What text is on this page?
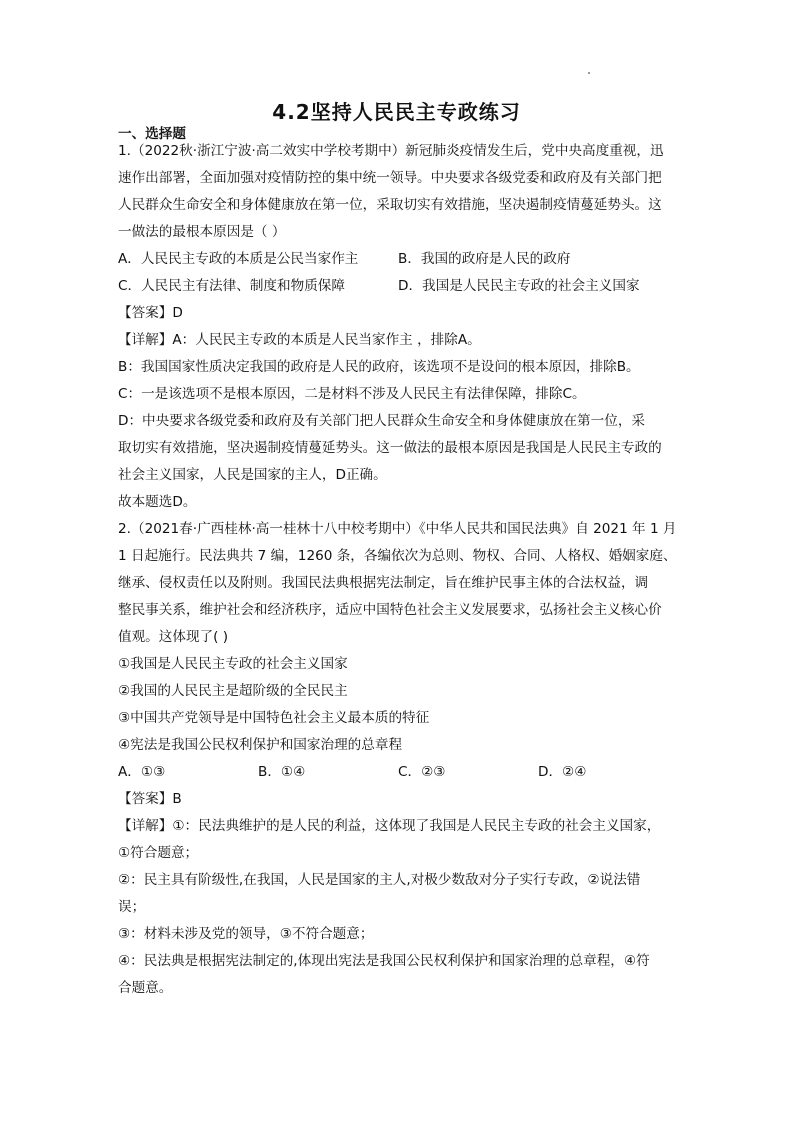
4.2坚持人民民主专政练习
一、选择题
1.（2022秋·浙江宁波·高二效实中学校考期中）新冠肺炎疫情发生后，党中央高度重视，迅
速作出部署，全面加强对疫情防控的集中统一领导。中央要求各级党委和政府及有关部门把
人民群众生命安全和身体健康放在第一位，采取切实有效措施，坚决遏制疫情蔓延势头。这
一做法的最根本原因是（ ）
A．人民民主专政的本质是公民当家作主	B．我国的政府是人民的政府
C．人民民主有法律、制度和物质保障	D．我国是人民民主专政的社会主义国家
【答案】D
【详解】A：人民民主专政的本质是人民当家作主 ，排除A。
B：我国国家性质决定我国的政府是人民的政府，该选项不是设问的根本原因，排除B。
C：一是该选项不是根本原因，二是材料不涉及人民民主有法律保障，排除C。
D：中央要求各级党委和政府及有关部门把人民群众生命安全和身体健康放在第一位，采
取切实有效措施，坚决遏制疫情蔓延势头。这一做法的最根本原因是我国是人民民主专政的
社会主义国家，人民是国家的主人，D正确。
故本题选D。
2.（2021春·广西桂林·高一桂林十八中校考期中）《中华人民共和国民法典》自 2021 年 1 月
1 日起施行。民法典共 7 编，1260 条，各编依次为总则、物权、合同、人格权、婚姻家庭、
继承、侵权责任以及附则。我国民法典根据宪法制定，旨在维护民事主体的合法权益，调
整民事关系，维护社会和经济秩序，适应中国特色社会主义发展要求，弘扬社会主义核心价
值观。这体现了( )
①我国是人民民主专政的社会主义国家
②我国的人民民主是超阶级的全民民主
③中国共产党领导是中国特色社会主义最本质的特征
④宪法是我国公民权利保护和国家治理的总章程
A．①③	B．①④	C．②③	D．②④
【答案】B
【详解】①：民法典维护的是人民的利益，这体现了我国是人民民主专政的社会主义国家，
①符合题意；
②：民主具有阶级性,在我国，人民是国家的主人,对极少数敌对分子实行专政，②说法错
误；
③：材料未涉及党的领导，③不符合题意；
④：民法典是根据宪法制定的,体现出宪法是我国公民权利保护和国家治理的总章程，④符
合题意。
